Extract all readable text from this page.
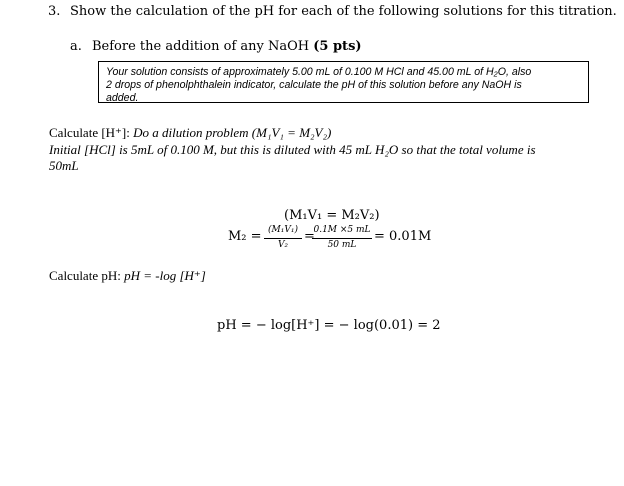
3. Show the calculation of the pH for each of the following solutions for this titration.
a. Before the addition of any NaOH (5 pts)
Your solution consists of approximately 5.00 mL of 0.100 M HCl and 45.00 mL of H₂O, also
2 drops of phenolphthalein indicator, calculate the pH of this solution before any NaOH is
added.
Calculate [H⁺]: Do a dilution problem (M₁V₁ = M₂V₂)
Initial [HCl] is 5mL of 0.100 M, but this is diluted with 45 mL H₂O so that the total volume is
50mL
(M₁V₁ = M₂V₂)
M₂ = (M₁V₁)
V₂
=
0.1M ×5 mL
50 mL
= 0.01M
Calculate pH: pH = -log [H⁺]
pH = − log[H⁺] = − log(0.01) = 2
